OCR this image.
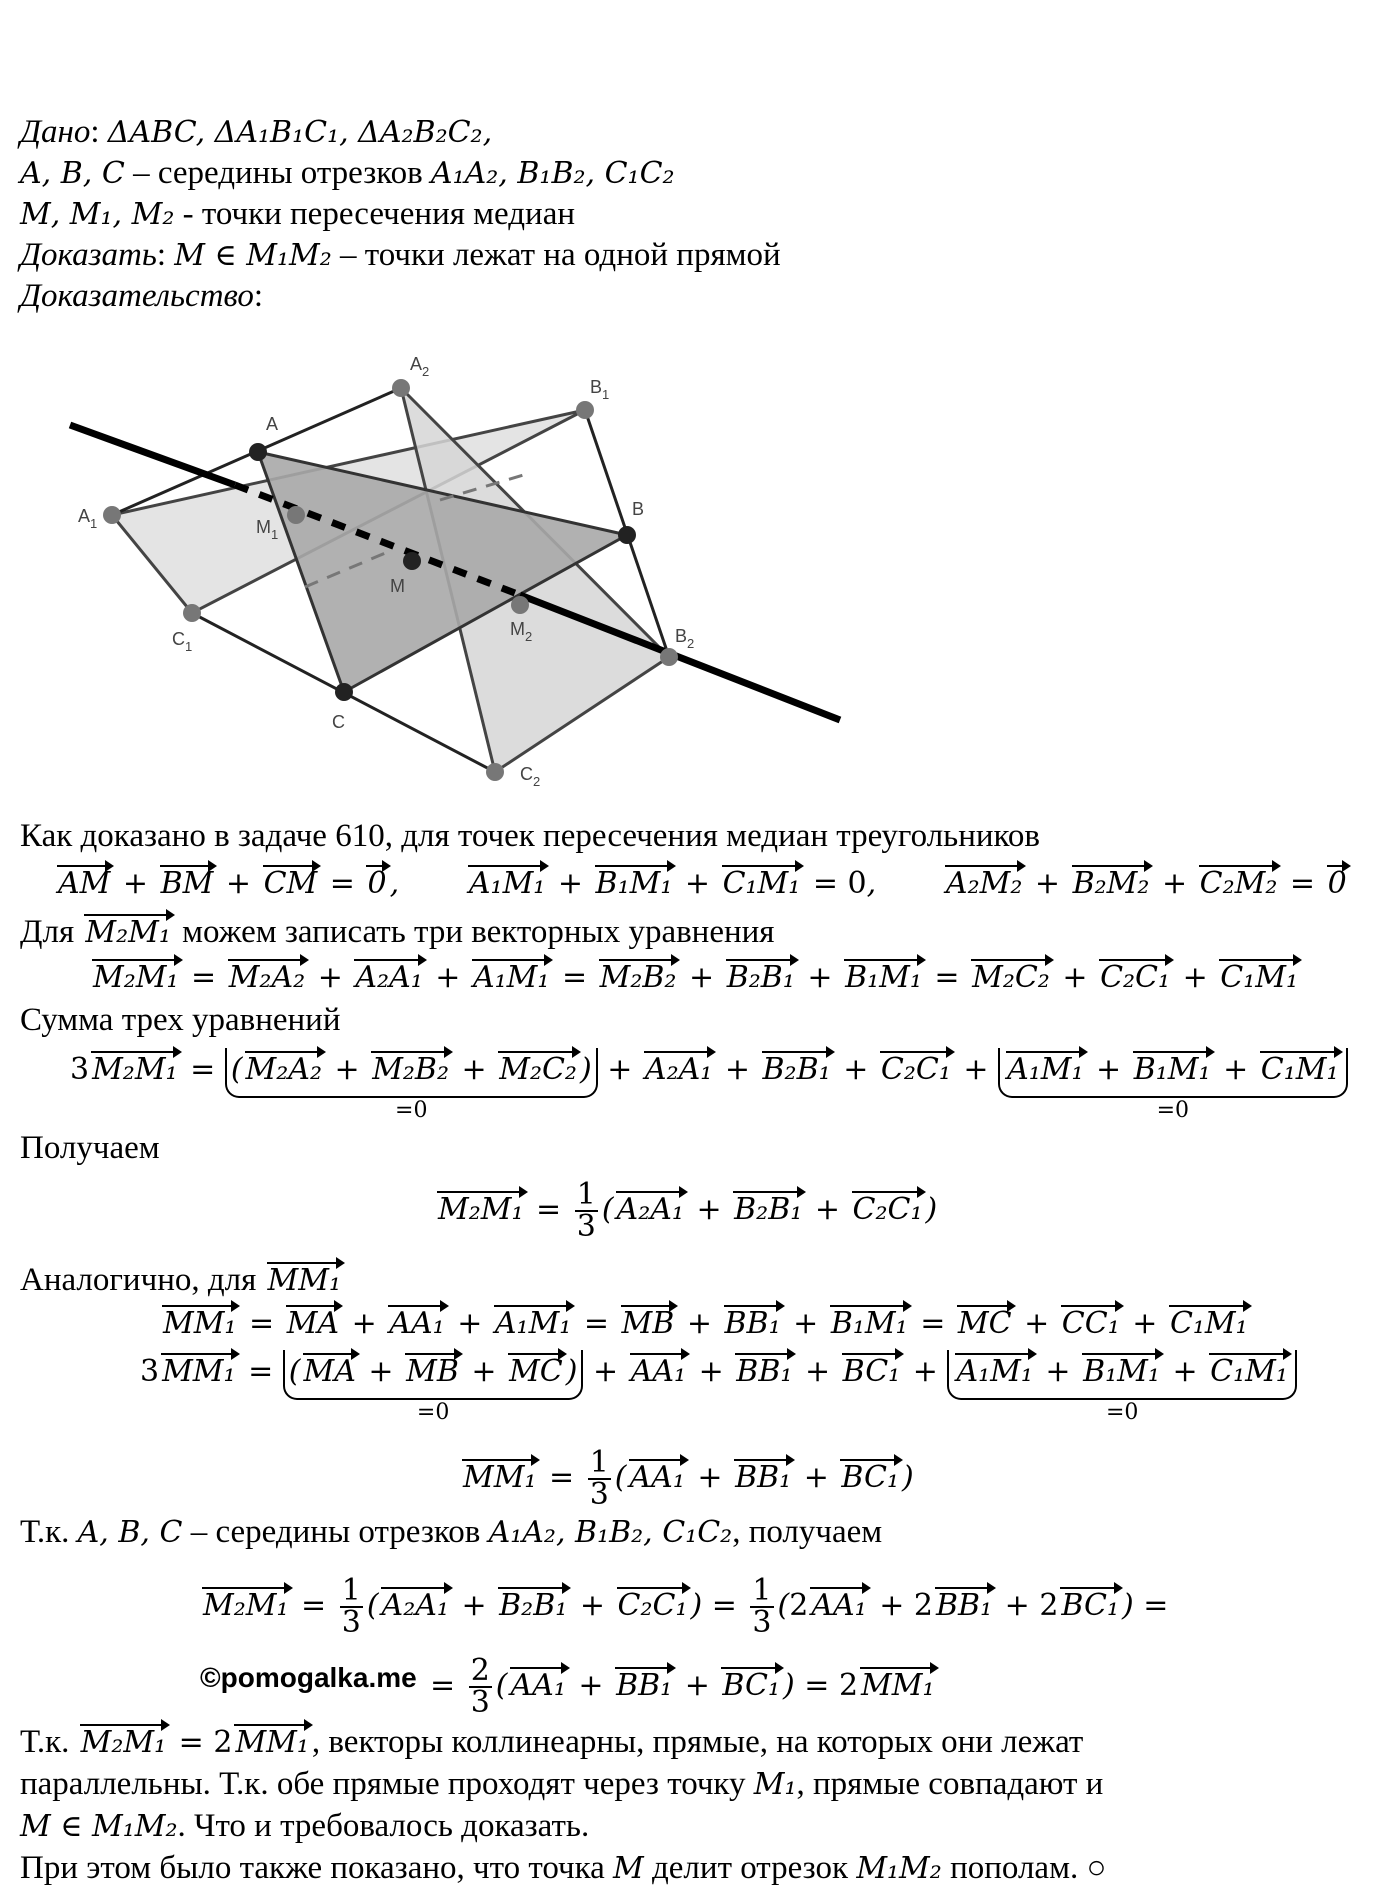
Дано: ΔABC, ΔA₁B₁C₁, ΔA₂B₂C₂,
A, B, C – середины отрезков A₁A₂, B₁B₂, C₁C₂
M, M₁, M₂ - точки пересечения медиан
Доказать: M ∈ M₁M₂ – точки лежат на одной прямой
Доказательство:
$A_2$
$B_1$
A
$A_1$	$M_1$
B
M
$M_2$	$B_2$
$C_1$
C
$C_2$
Как доказано в задаче 610, для точек пересечения медиан треугольников
AM + BM + CM = 0 ,       A₁M₁ + B₁M₁ + C₁M₁ = 0,       A₂M₂ + B₂M₂ + C₂M₂ = 0
Для M₂M₁ можем записать три векторных уравнения
M₂M₁ = M₂A₂ + A₂A₁ + A₁M₁ = M₂B₂ + B₂B₁ + B₁M₁ = M₂C₂ + C₂C₁ + C₁M₁
Сумма трех уравнений
3 M₂M₁ = ( M₂A₂ + M₂B₂ + M₂C₂ )
=0
+ A₂A₁ + B₂B₁ + C₂C₁ + A₁M₁ + B₁M₁ + C₁M₁
=0
Получаем
$M_2M_1 = \frac{1}{3}$ ( A₂A₁ + B₂B₁ + C₂C₁ )
Аналогично, для MM₁
MM₁ = MA + AA₁ + A₁M₁ = MB + BB₁ + B₁M₁ = MC + CC₁ + C₁M₁
3 MM₁ = ( MA + MB + MC )
=0
+ AA₁ + BB₁ + BC₁ + A₁M₁ + B₁M₁ + C₁M₁
=0
$MM_1 = \frac{1}{3}$ ( AA₁ + BB₁ + BC₁ )
Т.к. A, B, C – середины отрезков A₁A₂, B₁B₂, C₁C₂, получаем
$M_2M_1 = \frac{1}{3}$ ( A₂A₁ + B₂B₁ + C₂C₁ ) = $\frac{1}{3} (2$ AA₁ + 2 BB₁ + 2 BC₁ ) =
©pomogalka.me = $\frac{2}{3}$ ( AA₁ + BB₁ + BC₁ ) = 2 MM₁
Т.к. M₂M₁ = 2 MM₁, векторы коллинеарны, прямые, на которых они лежат
параллельны. Т.к. обе прямые проходят через точку M₁, прямые совпадают и
M ∈ M₁M₂. Что и требовалось доказать.
При этом было также показано, что точка M делит отрезок M₁M₂ пополам. ○
